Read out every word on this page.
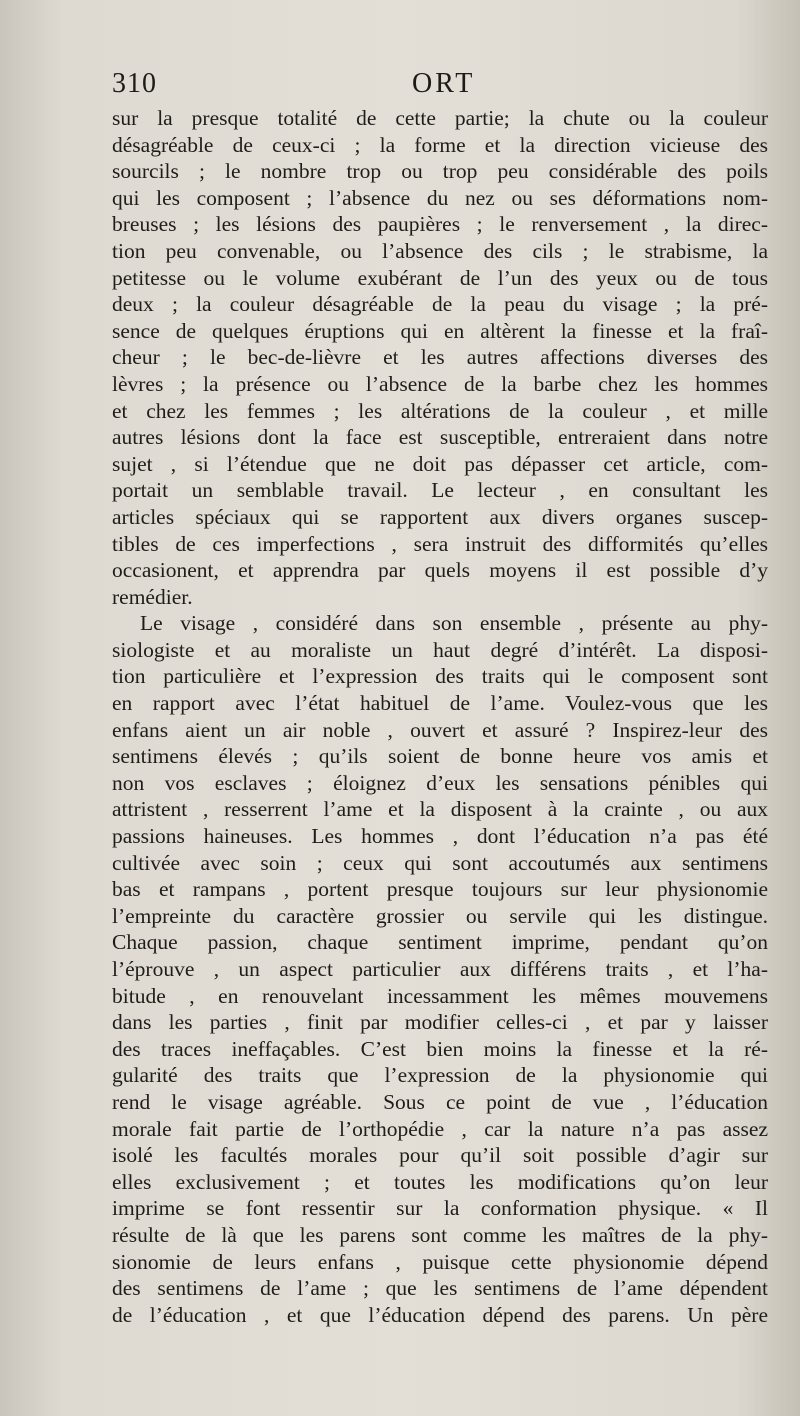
310	ORT
sur la presque totalité de cette partie; la chute ou la couleur
désagréable de ceux-ci ; la forme et la direction vicieuse des
sourcils ; le nombre trop ou trop peu considérable des poils
qui les composent ; l’absence du nez ou ses déformations nom-
breuses ; les lésions des paupières ; le renversement , la direc-
tion peu convenable, ou l’absence des cils ; le strabisme, la
petitesse ou le volume exubérant de l’un des yeux ou de tous
deux ; la couleur désagréable de la peau du visage ; la pré-
sence de quelques éruptions qui en altèrent la finesse et la fraî-
cheur ; le bec-de-lièvre et les autres affections diverses des
lèvres ; la présence ou l’absence de la barbe chez les hommes
et chez les femmes ; les altérations de la couleur , et mille
autres lésions dont la face est susceptible, entreraient dans notre
sujet , si l’étendue que ne doit pas dépasser cet article, com-
portait un semblable travail. Le lecteur , en consultant les
articles spéciaux qui se rapportent aux divers organes suscep-
tibles de ces imperfections , sera instruit des difformités qu’elles
occasionent, et apprendra par quels moyens il est possible d’y
remédier.
Le visage , considéré dans son ensemble , présente au phy-
siologiste et au moraliste un haut degré d’intérêt. La disposi-
tion particulière et l’expression des traits qui le composent sont
en rapport avec l’état habituel de l’ame. Voulez-vous que les
enfans aient un air noble , ouvert et assuré ? Inspirez-leur des
sentimens élevés ; qu’ils soient de bonne heure vos amis et
non vos esclaves ; éloignez d’eux les sensations pénibles qui
attristent , resserrent l’ame et la disposent à la crainte , ou aux
passions haineuses. Les hommes , dont l’éducation n’a pas été
cultivée avec soin ; ceux qui sont accoutumés aux sentimens
bas et rampans , portent presque toujours sur leur physionomie
l’empreinte du caractère grossier ou servile qui les distingue.
Chaque passion, chaque sentiment imprime, pendant qu’on
l’éprouve , un aspect particulier aux différens traits , et l’ha-
bitude , en renouvelant incessamment les mêmes mouvemens
dans les parties , finit par modifier celles-ci , et par y laisser
des traces ineffaçables. C’est bien moins la finesse et la ré-
gularité des traits que l’expression de la physionomie qui
rend le visage agréable. Sous ce point de vue , l’éducation
morale fait partie de l’orthopédie , car la nature n’a pas assez
isolé les facultés morales pour qu’il soit possible d’agir sur
elles exclusivement ; et toutes les modifications qu’on leur
imprime se font ressentir sur la conformation physique. « Il
résulte de là que les parens sont comme les maîtres de la phy-
sionomie de leurs enfans , puisque cette physionomie dépend
des sentimens de l’ame ; que les sentimens de l’ame dépendent
de l’éducation , et que l’éducation dépend des parens. Un père
